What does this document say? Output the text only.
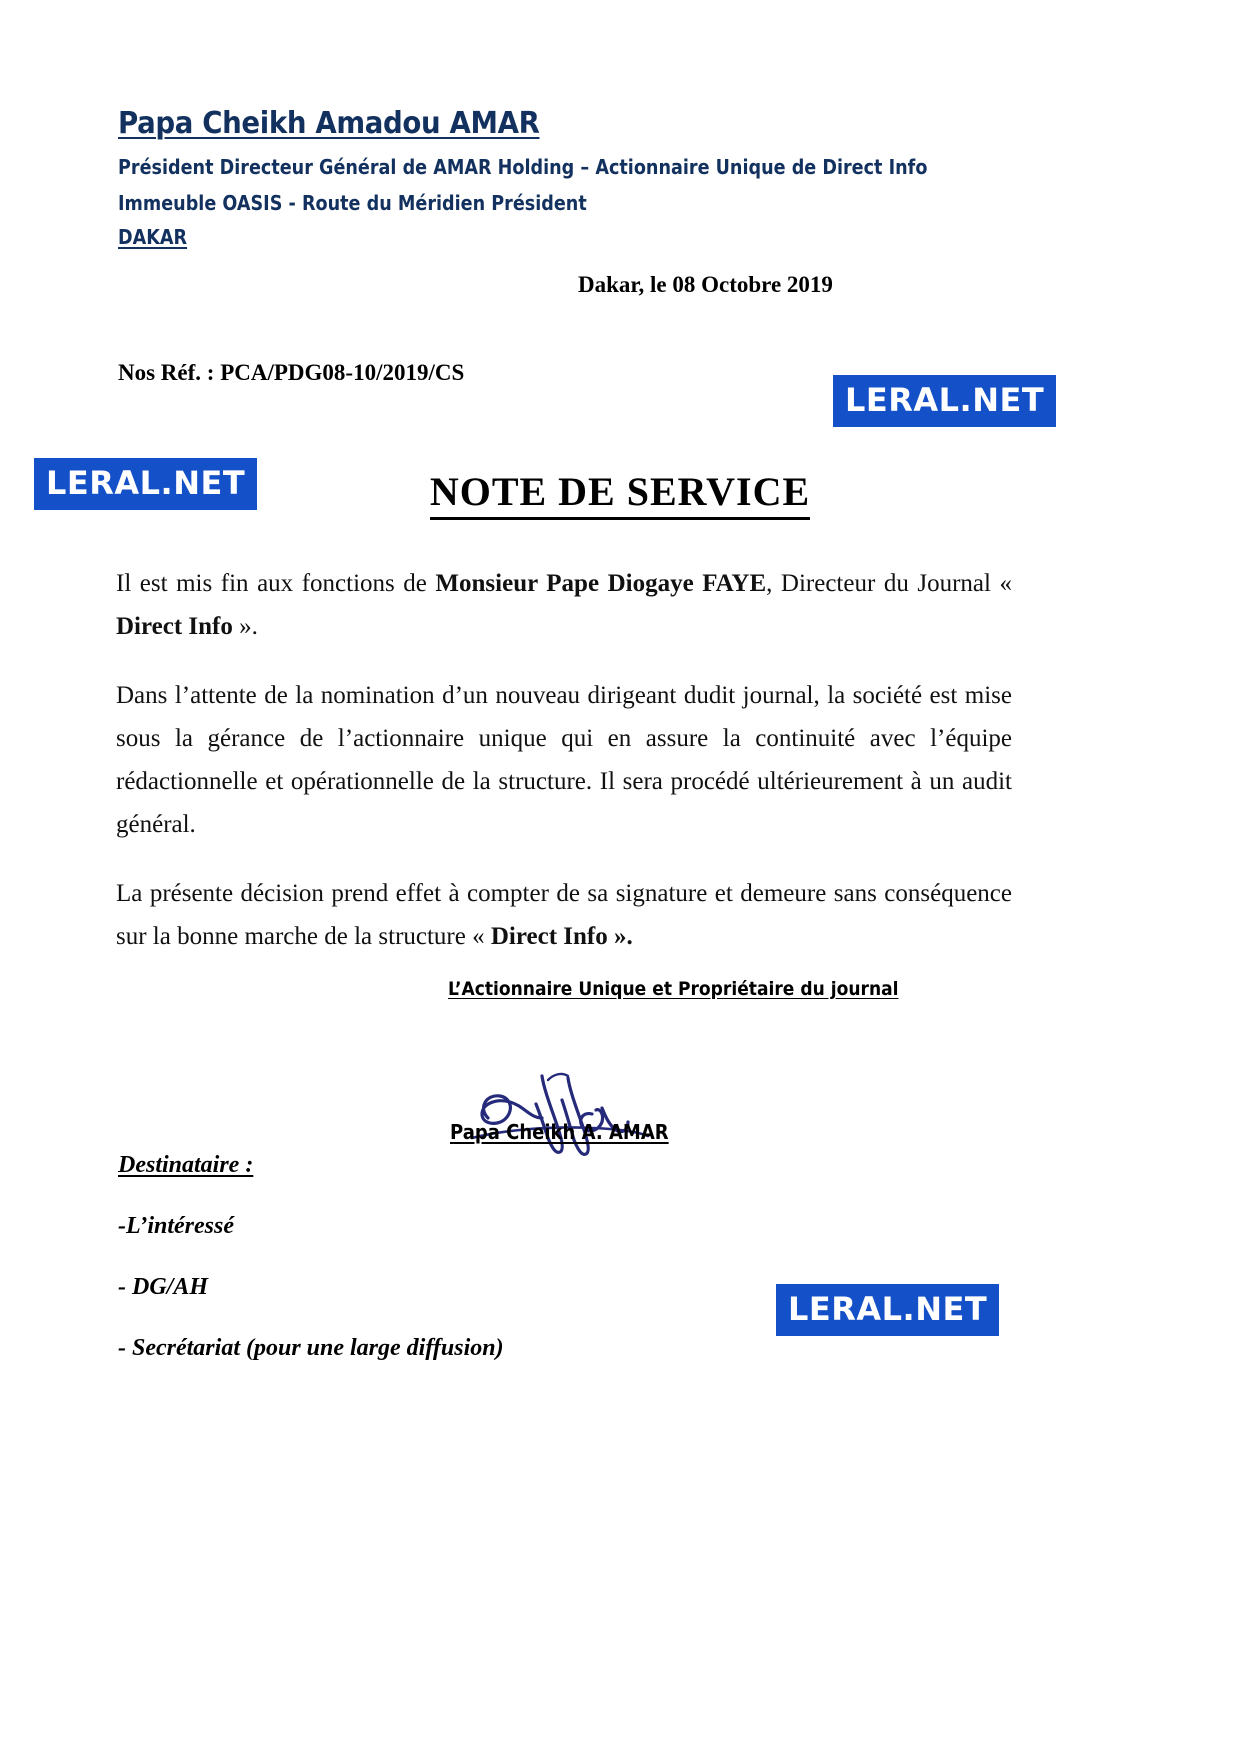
Papa Cheikh Amadou AMAR
Président Directeur Général de AMAR Holding – Actionnaire Unique de Direct Info
Immeuble OASIS - Route du Méridien Président
DAKAR
Dakar, le 08 Octobre 2019
Nos Réf. : PCA/PDG08-10/2019/CS
LERAL.NET
LERAL.NET
NOTE DE SERVICE

Il est mis fin aux fonctions de Monsieur Pape Diogaye FAYE, Directeur du Journal « Direct Info ».

Dans l’attente de la nomination d’un nouveau dirigeant dudit journal, la société est mise sous la gérance de l’actionnaire unique qui en assure la continuité avec l’équipe rédactionnelle et opérationnelle de la structure. Il sera procédé ultérieurement à un audit général.

La présente décision prend effet à compter de sa signature et demeure sans conséquence sur la bonne marche de la structure « Direct Info ».

L’Actionnaire Unique et Propriétaire du journal
Papa Cheikh A. AMAR
Destinataire :
-L’intéressé
- DG/AH
- Secrétariat (pour une large diffusion)
LERAL.NET
